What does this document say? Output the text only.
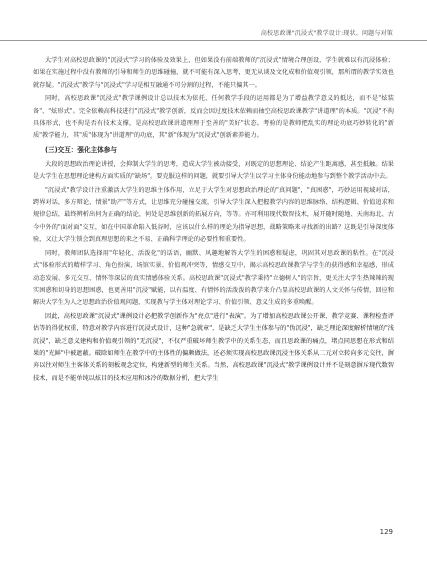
高校思政课"沉浸式"教学设计:现状、问题与对策

大学生对高校思政课的"沉浸式"学习的体验及效果上，但如果没有前端教师的"沉浸式"情境合理创设，学生就难以有沉浸体验；如果在实施过程中没有教师的引导和师生的思维碰撞，就不可能有深入思考，更无从谈及文化成和价值观引领，那所谓的教学实效也就存疑。"沉浸式"教学与"沉浸式"学习是相互融通不可分割的过程，不能只偏其一。

同时，高校思政课"沉浸式"教学课例设计总以技术为依托，任何教学手段的运用都是为了增益教学意义的抵达，而不是"炫装备"、"炫形式"。完全依赖高科技进行"沉浸式"教学创新，反而会因过度技术依赖而抽空高校思政课教学"讲道理"的本质。"沉浸"不拘具体形式，也不拘是否有技术支撑，是高校思政课讲道理理于至善的"美好"状态。考验的是教师把乱实的理论功底巧妙转化的"新质"教学能力，其"质"体现为"讲道理"的功底，其"新"体现为"沉浸式"创新素养能力。

(三)交互：强化主体参与

大段的思想政治理论讲授，会抑制大学生的思考，造成大学生被动接受，对既定的思想理论、结论产生距离感，甚至抵触。结果是大学生在思想理论建构方面实质的"缺场"。要克服这样的问题，就要引导大学生以学习主体身份能动地参与到整个教学活动中去。

"沉浸式"教学设计注重激活大学生的思维主体作用，立足于大学生对思想政治理论的"真问题"，"真困惑"，巧妙运用视域对话，跨界对话，多方辩论，情景"助产"等方式，让思维充分碰撞交流，引导大学生深入把握教学内容的思维脉络、结构逻辑、价值追求和规律总结，最终辨析出何为正确的结论，何处是思维创新的拓展方向，等等。亦可利用现代数智技术，展开随时随地、天南海北、古今中外的"面对面"交互，如在中国革命陷入低谷时，应该以什么样的理论为指导思想，战略策略来寻找新的出路？这既是引导深度体验，又让大学生锁会到真理思想的来之不易、正确科学理论的必要性和重要性。

同时，教师团队选择用"年轻化、活泼化"的话语，幽默、风趣地解答大学生的困惑和疑虑，巩固其对思政课的粘性。在"沉浸式"体验形式的精样学习、角色扮演、场馆实景、价值观冲突等，情感交互中，揭示高校思政课教学与学生的获得感和幸福感，形成动态发展、多元交互、情怀等深层的真实情感体验关系。高校思政课"沉浸式"教学秉持"立德树人"的宗旨，更关注大学生热辣辣的现实困惑和切身的思想困惑，也更善用"沉浸"赋能，以有温度、有情怀的活泼泼的教学来介凸显高校思政课的人文关怀与传情，回应和解决大学生为人之思想政治价值观问题，实现教与学主体对理论学习、价值引领、意义生成的多重唤醒。

因此，高校思政课"沉浸式"课例设计必把教学创新作为"亮点"进行"表演"。为了增加高校思政课公开课、教学竞赛、课程检查评估等的得优权重，特意对教学内容进行沉浸式设计，这种"急就章"，是缺乏大学生主体参与的"伪沉浸"，缺乏理论深度解析情境的"浅沉浸"，缺乏意义建构和价值观引领的"无沉浸"，不仅严重破坏师生教学中的关系生态，而且思政课的痛点，堵点同思想在形式和结果的"光鲜"中被遮蔽。破除如师生在教学中的主体性的偏颇做法，还必须实现高校思政课沉浸主体关系从二元对立转向多元交往，摒弃以往对师生主客体关系的刻板观念定位，构建新型的师生关系。当然，高校思政课"沉浸式"教学课例设计并不是刻意摒斥现代数智技术，而是不能单纯以炫目的技术应用和冰冷的数据分析，把大学生

129
